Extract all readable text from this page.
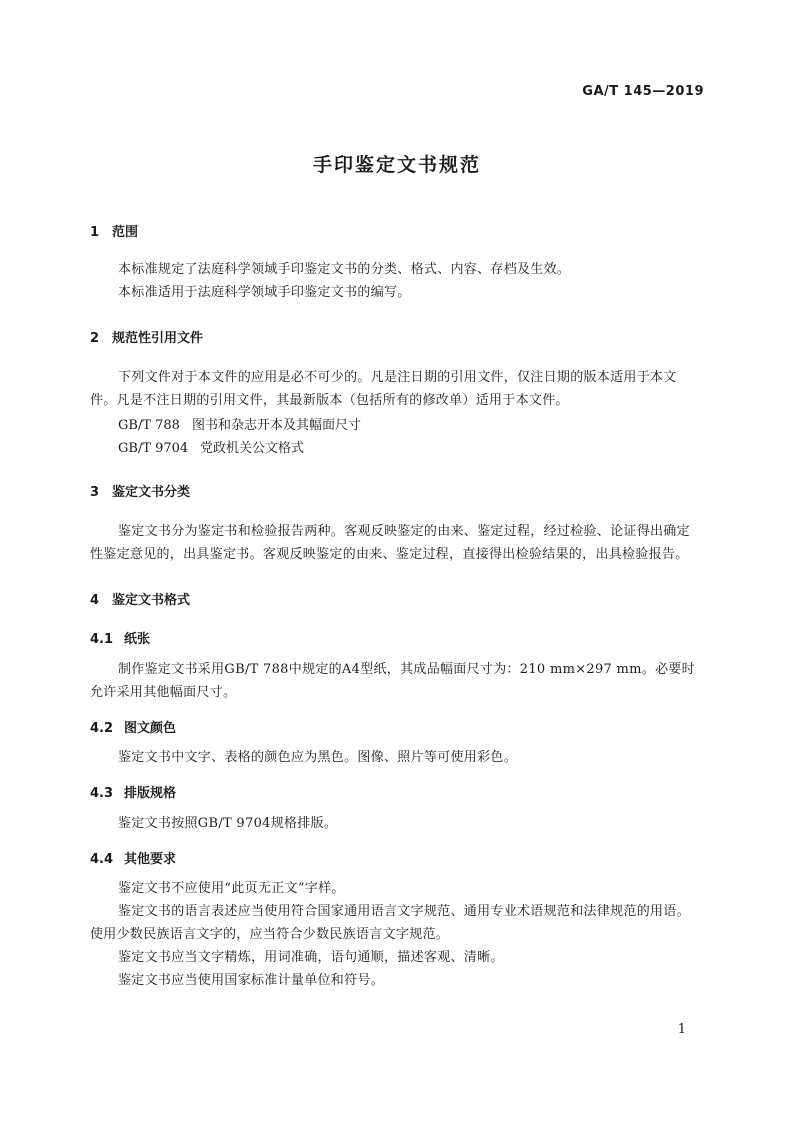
GA/T 145—2019
手印鉴定文书规范
1 范围
本标准规定了法庭科学领域手印鉴定文书的分类、格式、内容、存档及生效。
本标准适用于法庭科学领域手印鉴定文书的编写。
2 规范性引用文件
下列文件对于本文件的应用是必不可少的。凡是注日期的引用文件，仅注日期的版本适用于本文
件。凡是不注日期的引用文件，其最新版本（包括所有的修改单）适用于本文件。
GB/T 788 图书和杂志开本及其幅面尺寸
GB/T 9704 党政机关公文格式
3 鉴定文书分类
鉴定文书分为鉴定书和检验报告两种。客观反映鉴定的由来、鉴定过程，经过检验、论证得出确定
性鉴定意见的，出具鉴定书。客观反映鉴定的由来、鉴定过程，直接得出检验结果的，出具检验报告。
4 鉴定文书格式
4.1 纸张
制作鉴定文书采用GB/T 788中规定的A4型纸，其成品幅面尺寸为：210 mm×297 mm。必要时
允许采用其他幅面尺寸。
4.2 图文颜色
鉴定文书中文字、表格的颜色应为黑色。图像、照片等可使用彩色。
4.3 排版规格
鉴定文书按照GB/T 9704规格排版。
4.4 其他要求
鉴定文书不应使用“此页无正文”字样。
鉴定文书的语言表述应当使用符合国家通用语言文字规范、通用专业术语规范和法律规范的用语。
使用少数民族语言文字的，应当符合少数民族语言文字规范。
鉴定文书应当文字精炼，用词准确，语句通顺，描述客观、清晰。
鉴定文书应当使用国家标准计量单位和符号。
1
